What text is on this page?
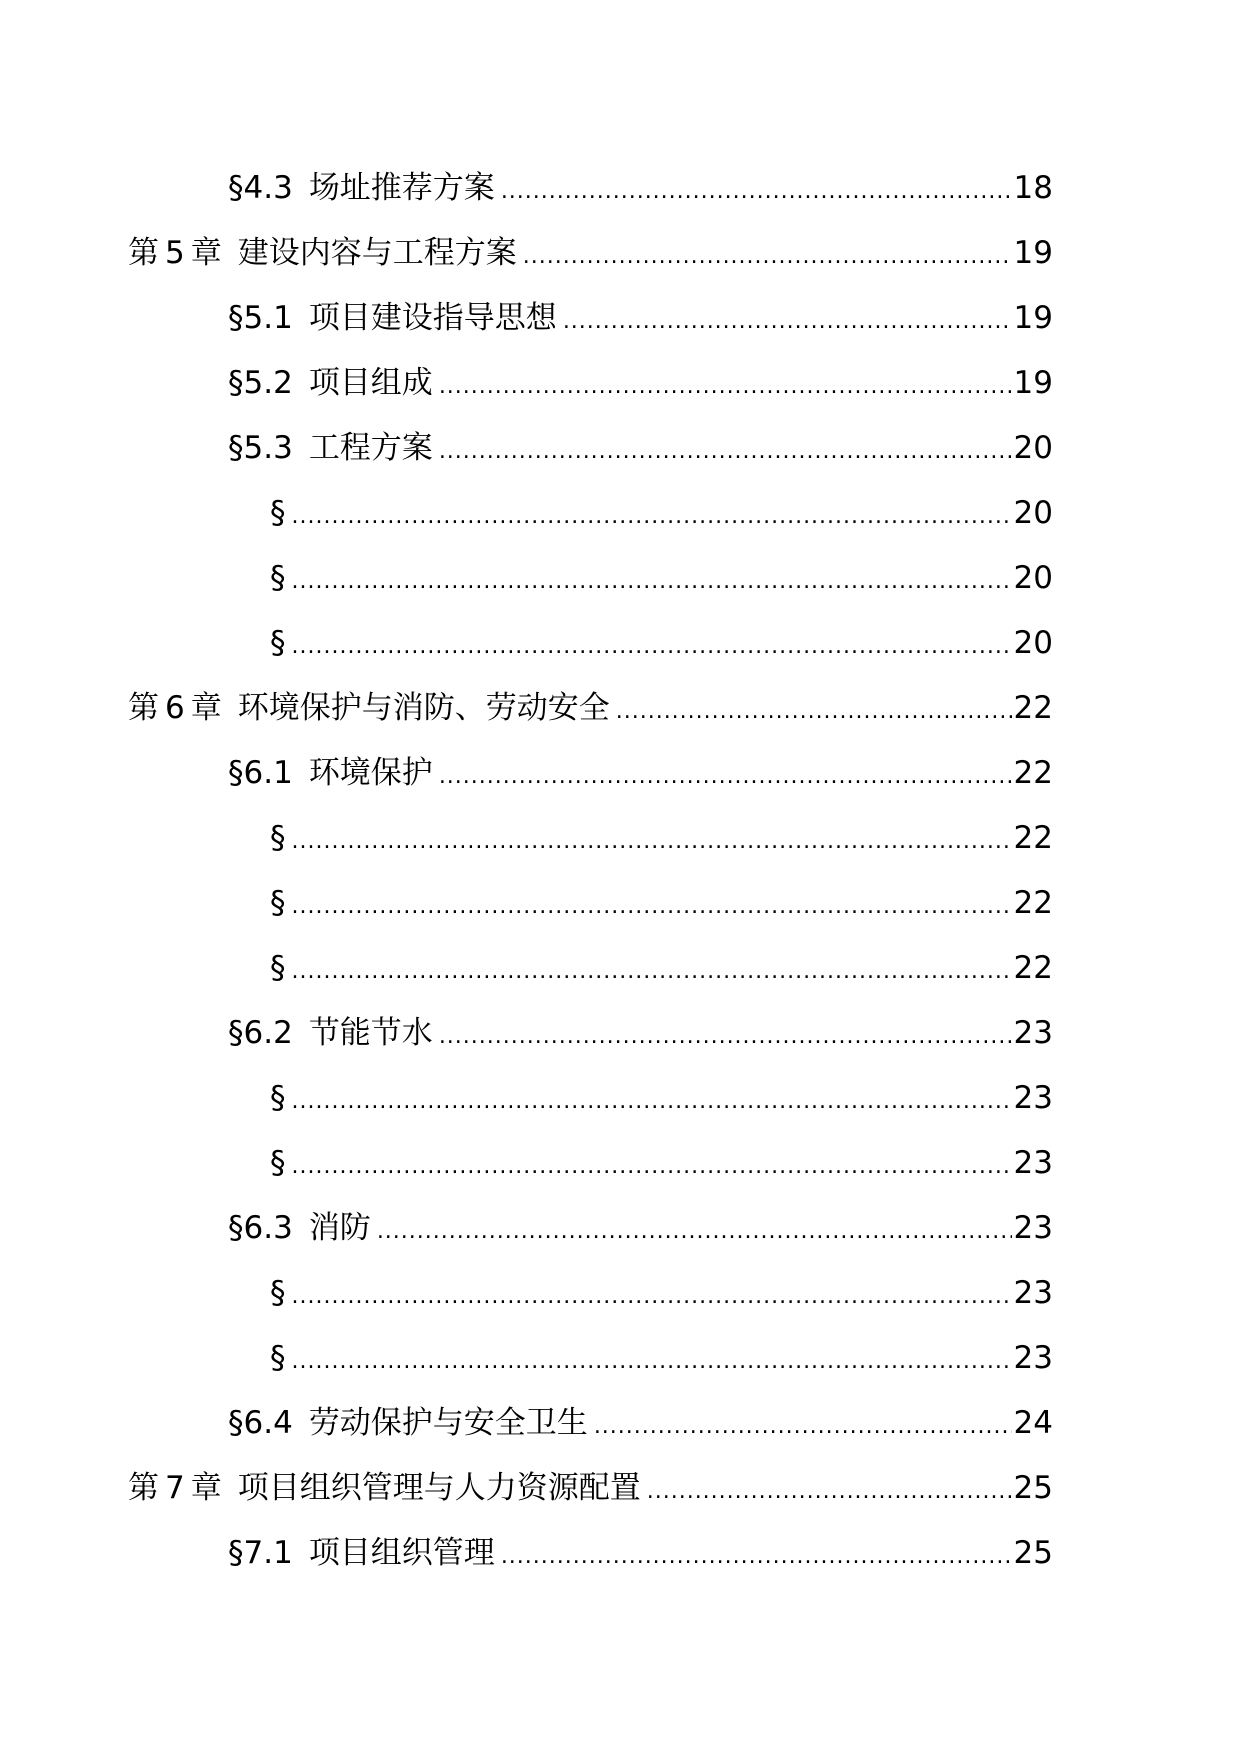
§4.3 场址推荐方案 .....	18
第 5 章 建设内容与工程方案 .....	19
§5.1 项目建设指导思想 .....	19
§5.2 项目组成 .....	19
§5.3 工程方案 .....	20
§ .....	20
§ .....	20
§ .....	20
第 6 章 环境保护与消防、劳动安全 .....	22
§6.1 环境保护 .....	22
§ .....	22
§ .....	22
§ .....	22
§6.2 节能节水 .....	23
§ .....	23
§ .....	23
§6.3 消防 .....	23
§ .....	23
§ .....	23
§6.4 劳动保护与安全卫生 .....	24
第 7 章 项目组织管理与人力资源配置 .....	25
§7.1 项目组织管理 .....	25
